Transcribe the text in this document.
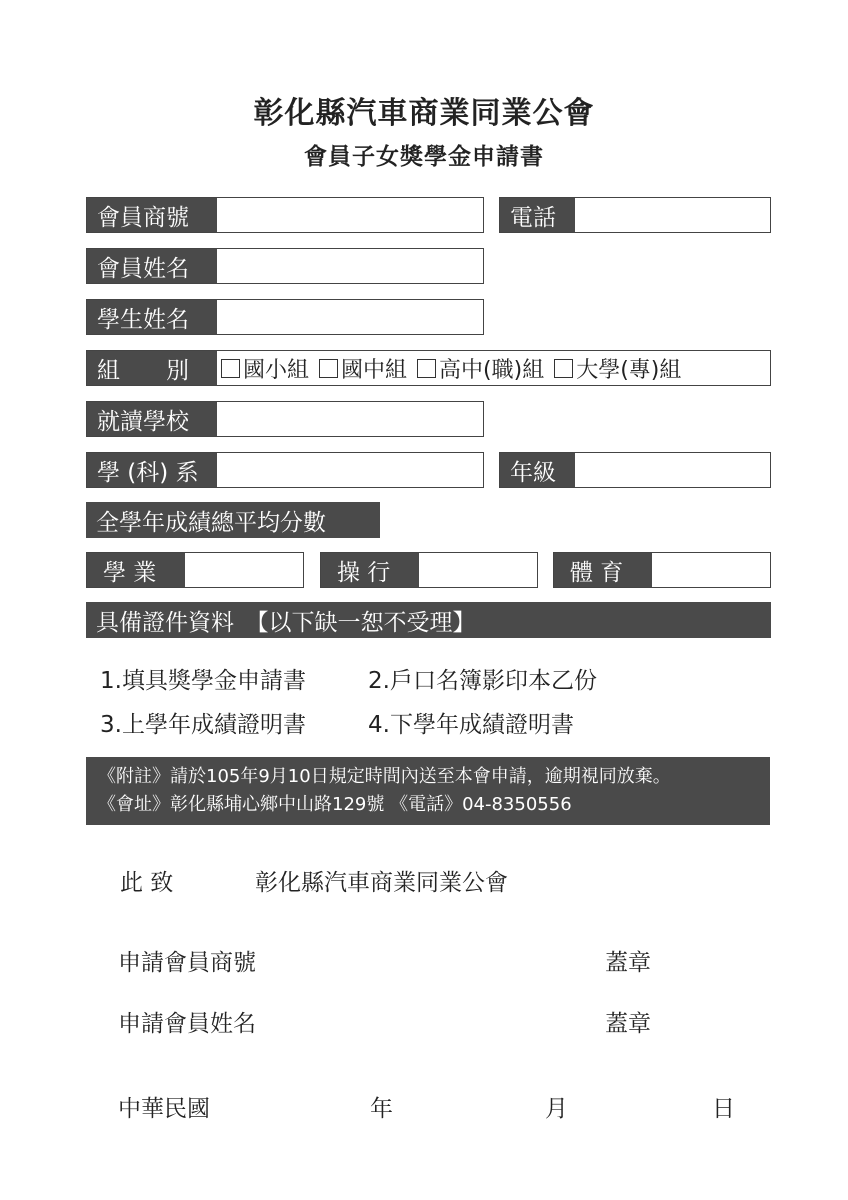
彰化縣汽車商業同業公會
會員子女獎學金申請書
會員商號	電話
會員姓名
學生姓名
組　　別	國小組 國中組 高中(職)組 大學(專)組
就讀學校
學 (科) 系	年級
全學年成績總平均分數
學 業	操 行	體 育
具備證件資料　【以下缺一恕不受理】
1.填具獎學金申請書	2.戶口名簿影印本乙份
3.上學年成績證明書	4.下學年成績證明書
《附註》請於105年9月10日規定時間內送至本會申請，逾期視同放棄。
《會址》彰化縣埔心鄉中山路129號 《電話》04-8350556
此 致	彰化縣汽車商業同業公會
申請會員商號	蓋章
申請會員姓名	蓋章
中華民國	年	月	日
